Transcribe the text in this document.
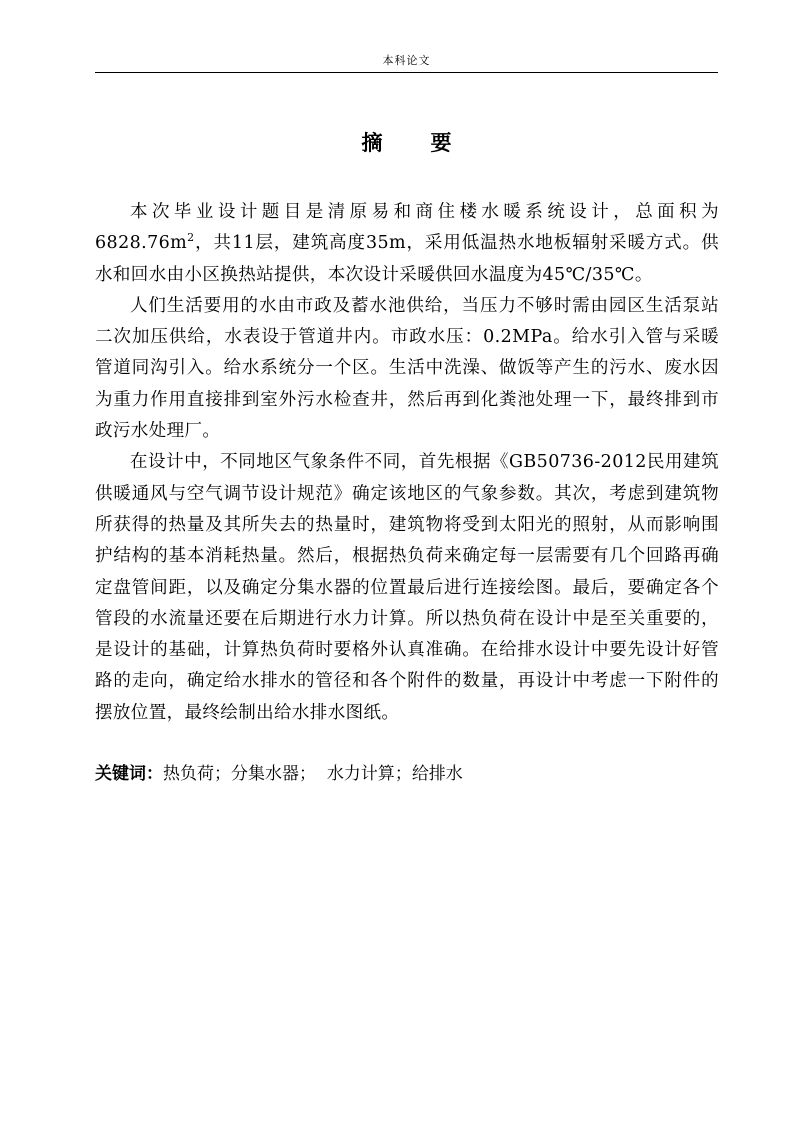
本科论文
摘 要

本次毕业设计题目是清原易和商住楼水暖系统设计，总面积为$6828.76m^2$，共11层，建筑高度35m，采用低温热水地板辐射采暖方式。供水和回水由小区换热站提供，本次设计采暖供回水温度为45℃/35℃。

人们生活要用的水由市政及蓄水池供给，当压力不够时需由园区生活泵站二次加压供给，水表设于管道井内。市政水压：0.2MPa。给水引入管与采暖管道同沟引入。给水系统分一个区。生活中洗澡、做饭等产生的污水、废水因为重力作用直接排到室外污水检查井，然后再到化粪池处理一下，最终排到市政污水处理厂。

在设计中，不同地区气象条件不同，首先根据《GB50736-2012民用建筑供暖通风与空气调节设计规范》确定该地区的气象参数。其次，考虑到建筑物所获得的热量及其所失去的热量时，建筑物将受到太阳光的照射，从而影响围护结构的基本消耗热量。然后，根据热负荷来确定每一层需要有几个回路再确定盘管间距，以及确定分集水器的位置最后进行连接绘图。最后，要确定各个管段的水流量还要在后期进行水力计算。所以热负荷在设计中是至关重要的，是设计的基础，计算热负荷时要格外认真准确。在给排水设计中要先设计好管路的走向，确定给水排水的管径和各个附件的数量，再设计中考虑一下附件的摆放位置，最终绘制出给水排水图纸。

关键词：热负荷；分集水器；  水力计算；给排水
